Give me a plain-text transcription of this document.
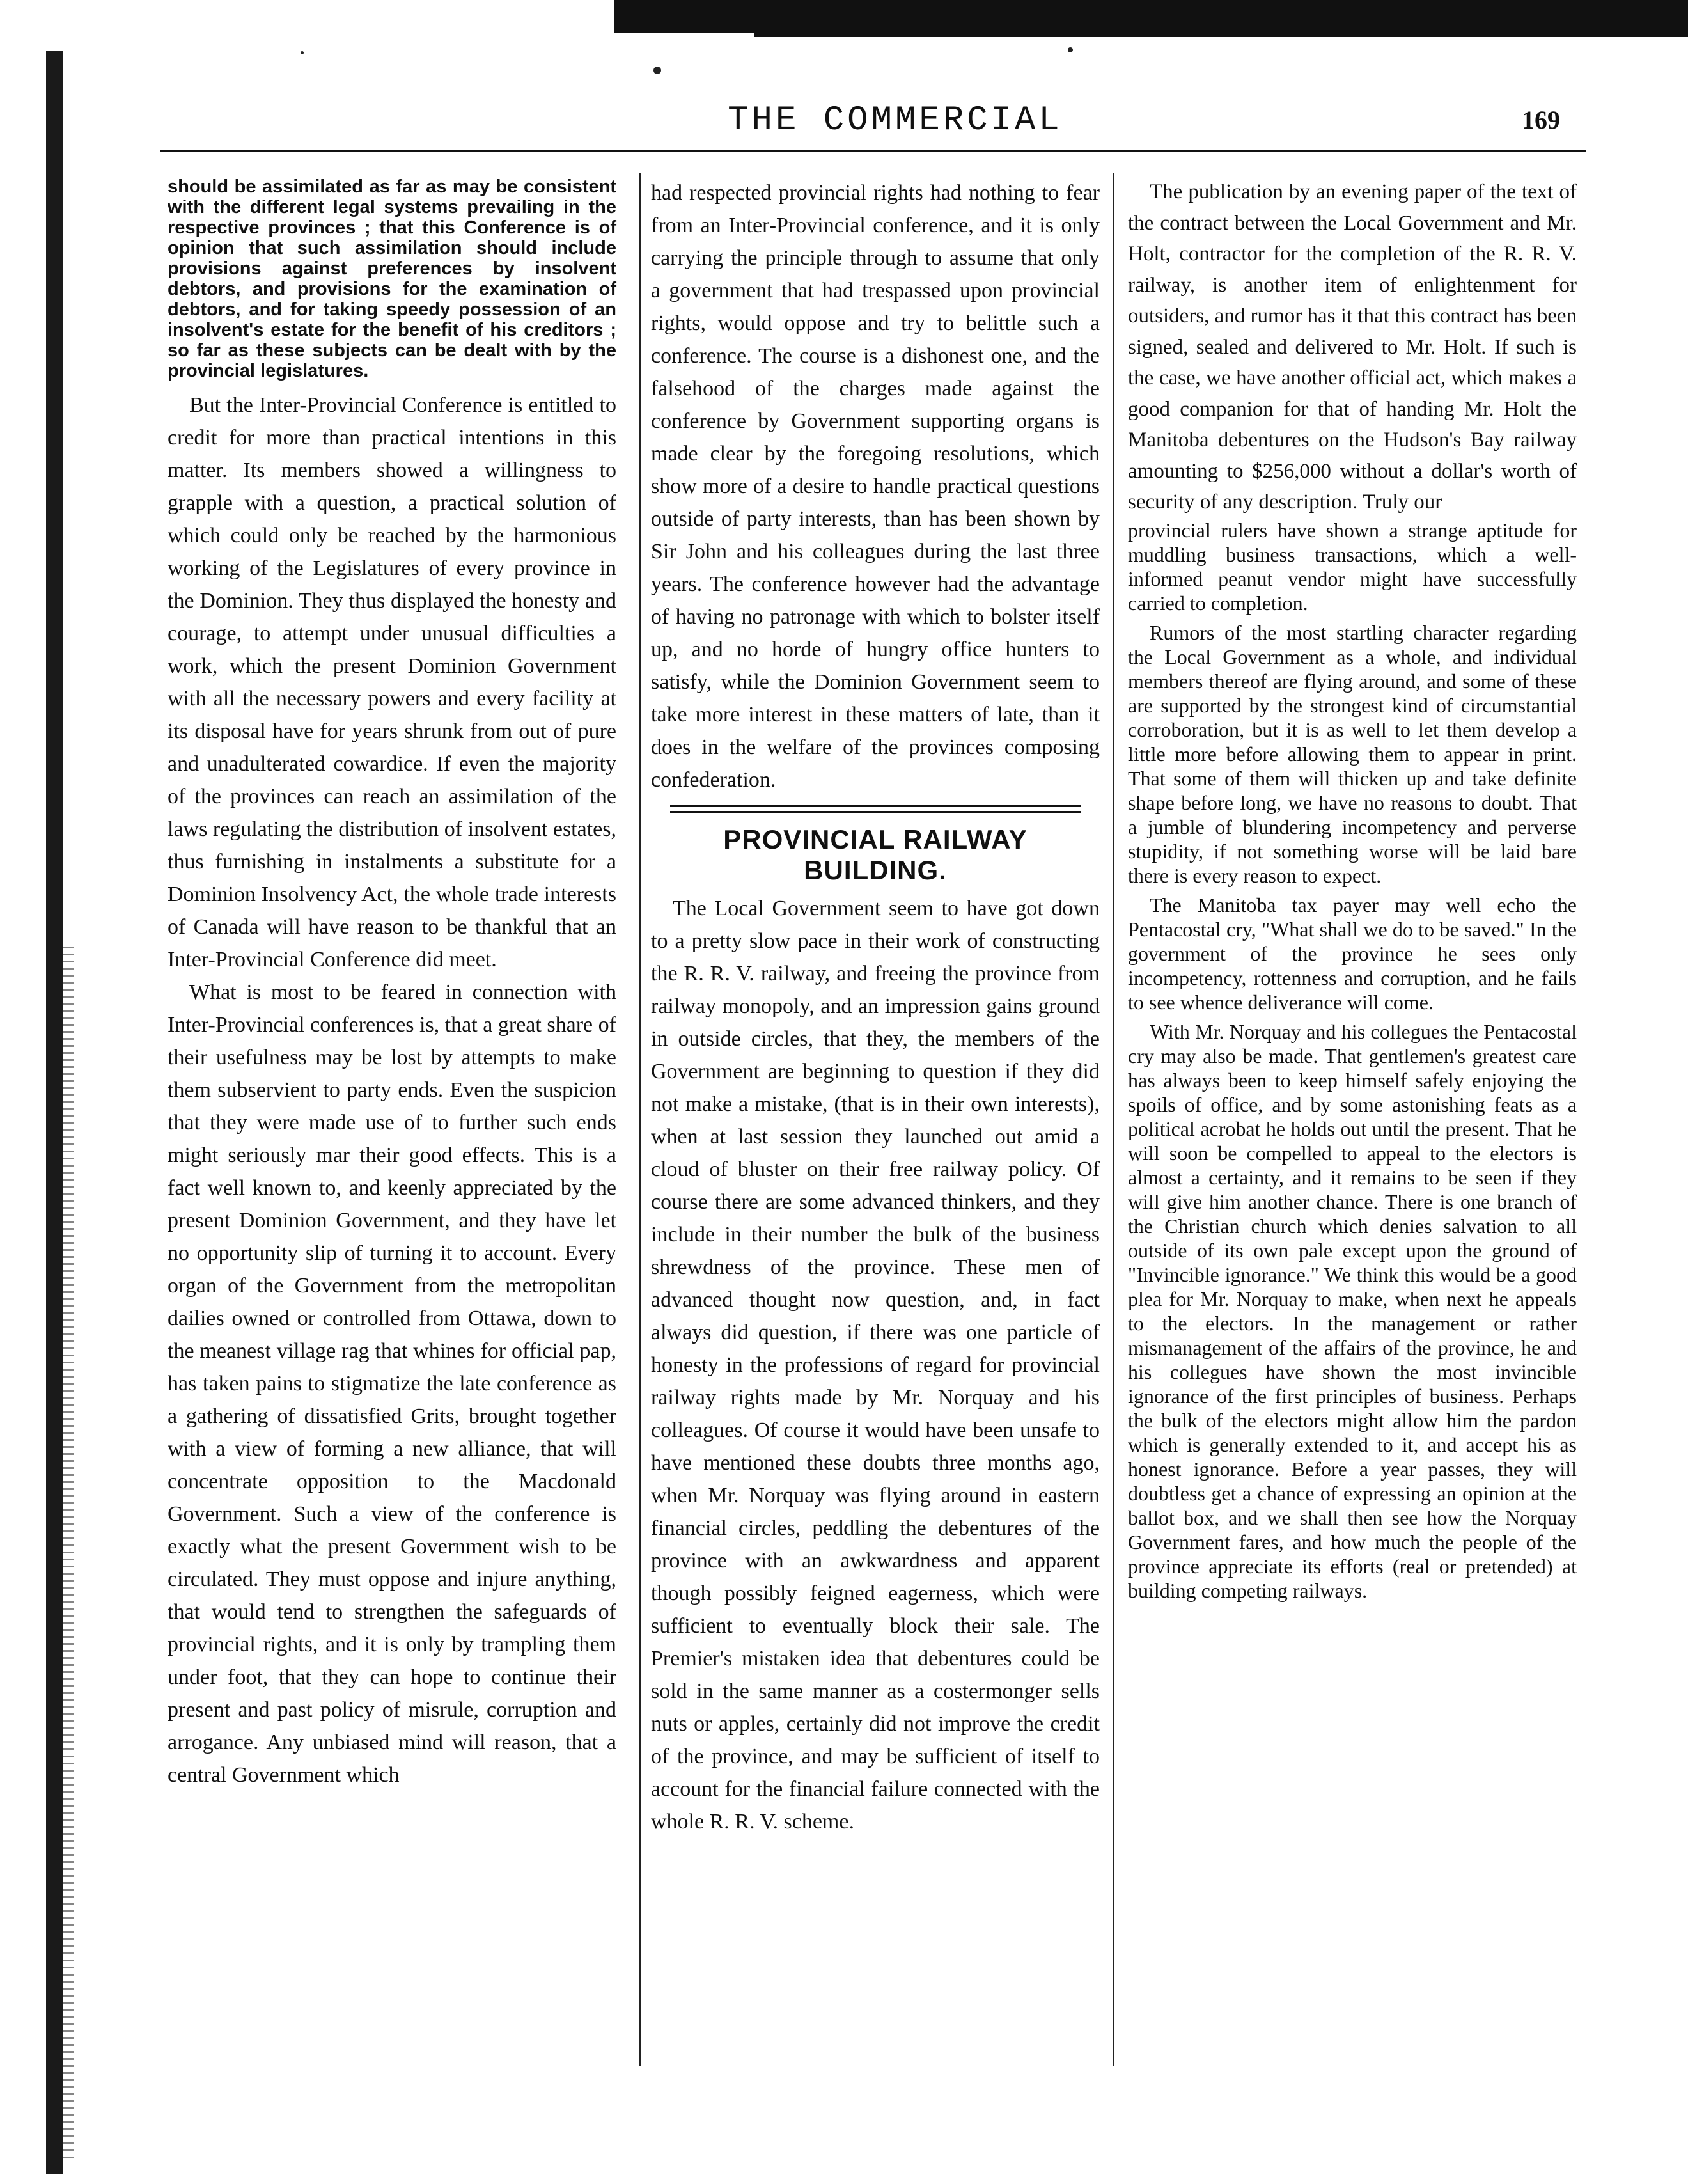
THE COMMERCIAL	169

should be assimilated as far as may be consistent with the different legal systems prevailing in the respective provinces ; that this Conference is of opinion that such assimilation should include provisions against preferences by insolvent debtors, and provisions for the examination of debtors, and for taking speedy possession of an insolvent's estate for the benefit of his creditors ; so far as these subjects can be dealt with by the provincial legislatures.

But the Inter-Provincial Conference is entitled to credit for more than practical intentions in this matter. Its members showed a willingness to grapple with a question, a practical solution of which could only be reached by the harmonious working of the Legislatures of every province in the Dominion. They thus displayed the honesty and courage, to attempt under unusual difficulties a work, which the present Dominion Government with all the necessary powers and every facility at its disposal have for years shrunk from out of pure and unadulterated cowardice. If even the majority of the provinces can reach an assimilation of the laws regulating the distribution of insolvent estates, thus furnishing in instalments a substitute for a Dominion Insolvency Act, the whole trade interests of Canada will have reason to be thankful that an Inter-Provincial Conference did meet.

What is most to be feared in connection with Inter-Provincial conferences is, that a great share of their usefulness may be lost by attempts to make them subservient to party ends. Even the suspicion that they were made use of to further such ends might seriously mar their good effects. This is a fact well known to, and keenly appreciated by the present Dominion Government, and they have let no opportunity slip of turning it to account. Every organ of the Government from the metropolitan dailies owned or controlled from Ottawa, down to the meanest village rag that whines for official pap, has taken pains to stigmatize the late conference as a gathering of dissatisfied Grits, brought together with a view of forming a new alliance, that will concentrate opposition to the Macdonald Government. Such a view of the conference is exactly what the present Government wish to be circulated. They must oppose and injure anything, that would tend to strengthen the safeguards of provincial rights, and it is only by trampling them under foot, that they can hope to continue their present and past policy of misrule, corruption and arrogance. Any unbiased mind will reason, that a central Government which

had respected provincial rights had nothing to fear from an Inter-Provincial conference, and it is only carrying the principle through to assume that only a government that had trespassed upon provincial rights, would oppose and try to belittle such a conference. The course is a dishonest one, and the falsehood of the charges made against the conference by Government supporting organs is made clear by the foregoing resolutions, which show more of a desire to handle practical questions outside of party interests, than has been shown by Sir John and his colleagues during the last three years. The conference however had the advantage of having no patronage with which to bolster itself up, and no horde of hungry office hunters to satisfy, while the Dominion Government seem to take more interest in these matters of late, than it does in the welfare of the provinces composing confederation.

PROVINCIAL RAILWAY BUILDING.

The Local Government seem to have got down to a pretty slow pace in their work of constructing the R. R. V. railway, and freeing the province from railway monopoly, and an impression gains ground in outside circles, that they, the members of the Government are beginning to question if they did not make a mistake, (that is in their own interests), when at last session they launched out amid a cloud of bluster on their free railway policy. Of course there are some advanced thinkers, and they include in their number the bulk of the business shrewdness of the province. These men of advanced thought now question, and, in fact always did question, if there was one particle of honesty in the professions of regard for provincial railway rights made by Mr. Norquay and his colleagues. Of course it would have been unsafe to have mentioned these doubts three months ago, when Mr. Norquay was flying around in eastern financial circles, peddling the debentures of the province with an awkwardness and apparent though possibly feigned eagerness, which were sufficient to eventually block their sale. The Premier's mistaken idea that debentures could be sold in the same manner as a costermonger sells nuts or apples, certainly did not improve the credit of the province, and may be sufficient of itself to account for the financial failure connected with the whole R. R. V. scheme.

The publication by an evening paper of the text of the contract between the Local Government and Mr. Holt, contractor for the completion of the R. R. V. railway, is another item of enlightenment for outsiders, and rumor has it that this contract has been signed, sealed and delivered to Mr. Holt. If such is the case, we have another official act, which makes a good companion for that of handing Mr. Holt the Manitoba debentures on the Hudson's Bay railway amounting to $256,000 without a dollar's worth of security of any description. Truly our

provincial rulers have shown a strange aptitude for muddling business transactions, which a well-informed peanut vendor might have successfully carried to completion.

Rumors of the most startling character regarding the Local Government as a whole, and individual members thereof are flying around, and some of these are supported by the strongest kind of circumstantial corroboration, but it is as well to let them develop a little more before allowing them to appear in print. That some of them will thicken up and take definite shape before long, we have no reasons to doubt. That a jumble of blundering incompetency and perverse stupidity, if not something worse will be laid bare there is every reason to expect.

The Manitoba tax payer may well echo the Pentacostal cry, "What shall we do to be saved." In the government of the province he sees only incompetency, rottenness and corruption, and he fails to see whence deliverance will come.

With Mr. Norquay and his collegues the Pentacostal cry may also be made. That gentlemen's greatest care has always been to keep himself safely enjoying the spoils of office, and by some astonishing feats as a political acrobat he holds out until the present. That he will soon be compelled to appeal to the electors is almost a certainty, and it remains to be seen if they will give him another chance. There is one branch of the Christian church which denies salvation to all outside of its own pale except upon the ground of "Invincible ignorance." We think this would be a good plea for Mr. Norquay to make, when next he appeals to the electors. In the management or rather mismanagement of the affairs of the province, he and his collegues have shown the most invincible ignorance of the first principles of business. Perhaps the bulk of the electors might allow him the pardon which is generally extended to it, and accept his as honest ignorance. Before a year passes, they will doubtless get a chance of expressing an opinion at the ballot box, and we shall then see how the Norquay Government fares, and how much the people of the province appreciate its efforts (real or pretended) at building competing railways.
